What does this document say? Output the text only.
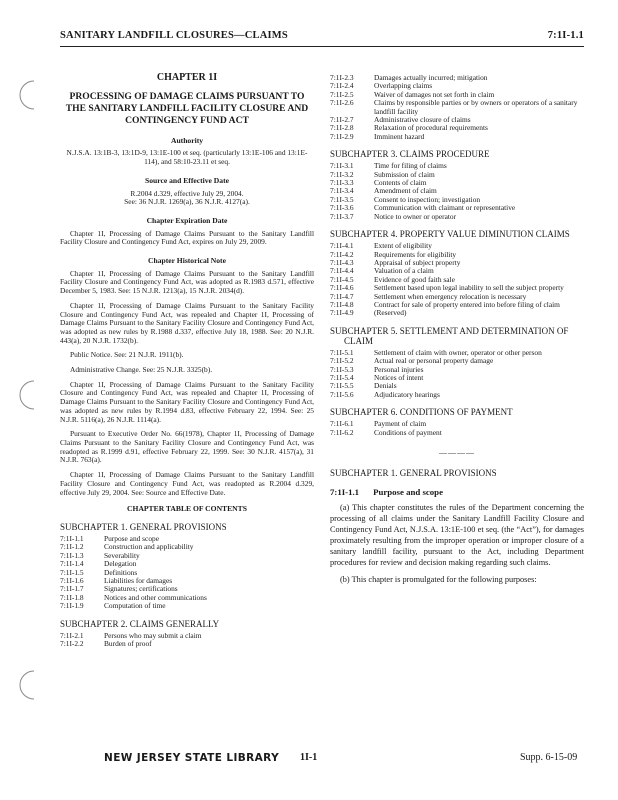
SANITARY LANDFILL CLOSURES—CLAIMS	7:1I-1.1
CHAPTER 1I
PROCESSING OF DAMAGE CLAIMS PURSUANT TO THE SANITARY LANDFILL FACILITY CLOSURE AND CONTINGENCY FUND ACT
Authority
N.J.S.A. 13:1B-3, 13:1D-9, 13:1E-100 et seq. (particularly 13:1E-106 and 13:1E-114), and 58:10-23.11 et seq.
Source and Effective Date
R.2004 d.329, effective July 29, 2004.
See: 36 N.J.R. 1269(a), 36 N.J.R. 4127(a).
Chapter Expiration Date

Chapter 1I, Processing of Damage Claims Pursuant to the Sanitary Landfill Facility Closure and Contingency Fund Act, expires on July 29, 2009.

Chapter Historical Note

Chapter 1I, Processing of Damage Claims Pursuant to the Sanitary Landfill Facility Closure and Contingency Fund Act, was adopted as R.1983 d.571, effective December 5, 1983. See: 15 N.J.R. 1213(a), 15 N.J.R. 2034(d).

Chapter 1I, Processing of Damage Claims Pursuant to the Sanitary Facility Closure and Contingency Fund Act, was repealed and Chapter 1I, Processing of Damage Claims Pursuant to the Sanitary Facility Closure and Contingency Fund Act, was adopted as new rules by R.1988 d.337, effective July 18, 1988. See: 20 N.J.R. 443(a), 20 N.J.R. 1732(b).

Public Notice. See: 21 N.J.R. 1911(b).

Administrative Change. See: 25 N.J.R. 3325(b).

Chapter 1I, Processing of Damage Claims Pursuant to the Sanitary Facility Closure and Contingency Fund Act, was repealed and Chapter 1I, Processing of Damage Claims Pursuant to the Sanitary Facility Closure and Contingency Fund Act, was adopted as new rules by R.1994 d.83, effective February 22, 1994. See: 25 N.J.R. 5116(a), 26 N.J.R. 1114(a).

Pursuant to Executive Order No. 66(1978), Chapter 1I, Processing of Damage Claims Pursuant to the Sanitary Facility Closure and Contingency Fund Act, was readopted as R.1999 d.91, effective February 22, 1999. See: 30 N.J.R. 4157(a), 31 N.J.R. 763(a).

Chapter 1I, Processing of Damage Claims Pursuant to the Sanitary Landfill Facility Closure and Contingency Fund Act, was readopted as R.2004 d.329, effective July 29, 2004. See: Source and Effective Date.

CHAPTER TABLE OF CONTENTS
SUBCHAPTER 1. GENERAL PROVISIONS
7:1I-1.1	Purpose and scope
7:1I-1.2	Construction and applicability
7:1I-1.3	Severability
7:1I-1.4	Delegation
7:1I-1.5	Definitions
7:1I-1.6	Liabilities for damages
7:1I-1.7	Signatures; certifications
7:1I-1.8	Notices and other communications
7:1I-1.9	Computation of time
SUBCHAPTER 2. CLAIMS GENERALLY
7:1I-2.1	Persons who may submit a claim
7:1I-2.2	Burden of proof
7:1I-2.3	Damages actually incurred; mitigation
7:1I-2.4	Overlapping claims
7:1I-2.5	Waiver of damages not set forth in claim
7:1I-2.6	Claims by responsible parties or by owners or operators of a sanitary landfill facility
7:1I-2.7	Administrative closure of claims
7:1I-2.8	Relaxation of procedural requirements
7:1I-2.9	Imminent hazard
SUBCHAPTER 3. CLAIMS PROCEDURE
7:1I-3.1	Time for filing of claims
7:1I-3.2	Submission of claim
7:1I-3.3	Contents of claim
7:1I-3.4	Amendment of claim
7:1I-3.5	Consent to inspection; investigation
7:1I-3.6	Communication with claimant or representative
7:1I-3.7	Notice to owner or operator
SUBCHAPTER 4. PROPERTY VALUE DIMINUTION CLAIMS
7:1I-4.1	Extent of eligibility
7:1I-4.2	Requirements for eligibility
7:1I-4.3	Appraisal of subject property
7:1I-4.4	Valuation of a claim
7:1I-4.5	Evidence of good faith sale
7:1I-4.6	Settlement based upon legal inability to sell the subject property
7:1I-4.7	Settlement when emergency relocation is necessary
7:1I-4.8	Contract for sale of property entered into before filing of claim
7:1I-4.9	(Reserved)
SUBCHAPTER 5. SETTLEMENT AND DETERMINATION OF CLAIM
7:1I-5.1	Settlement of claim with owner, operator or other person
7:1I-5.2	Actual real or personal property damage
7:1I-5.3	Personal injuries
7:1I-5.4	Notices of intent
7:1I-5.5	Denials
7:1I-5.6	Adjudicatory hearings
SUBCHAPTER 6. CONDITIONS OF PAYMENT
7:1I-6.1	Payment of claim
7:1I-6.2	Conditions of payment
————
SUBCHAPTER 1. GENERAL PROVISIONS
7:1I-1.1 Purpose and scope

(a) This chapter constitutes the rules of the Department concerning the processing of all claims under the Sanitary Landfill Facility Closure and Contingency Fund Act, N.J.S.A. 13:1E-100 et seq. (the “Act”), for damages proximately resulting from the improper operation or improper closure of a sanitary landfill facility, pursuant to the Act, including Department procedures for review and decision making regarding such claims.

(b) This chapter is promulgated for the following purposes:

NEW JERSEY STATE LIBRARY 1I-1	Supp. 6-15-09
